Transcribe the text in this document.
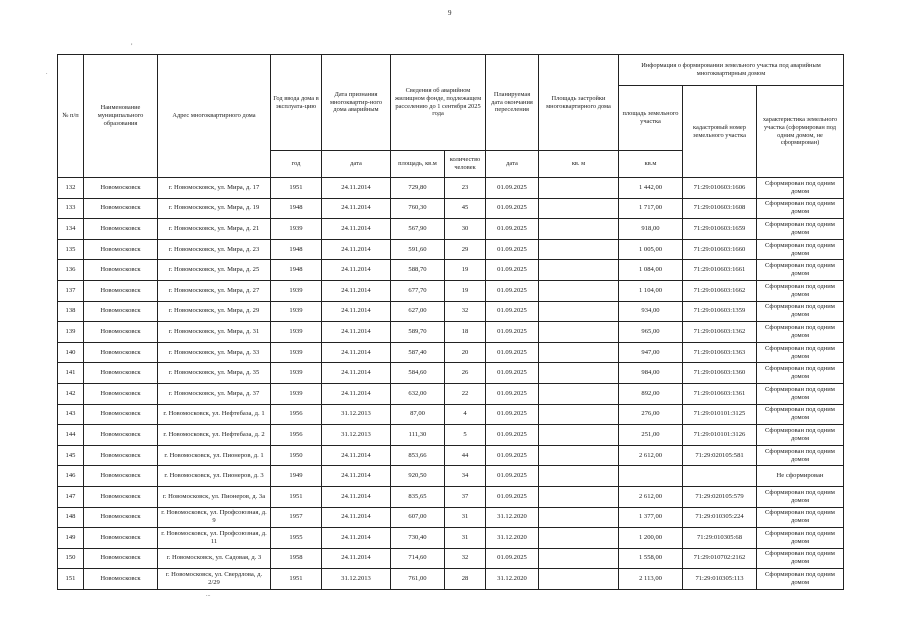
9
,
.
...
№ п/п	Наименование муниципального образования	Адрес многоквартирного дома	Год ввода дома в эксплуата-цию	Дата признания многоквартир-ного дома аварийным	Сведения об аварийном жилищном фонде, подлежащем расселению до 1 сентября 2025 года		Планируемая дата окончания переселения	Площадь застройки многоквартирного дома	Информация о формировании земельного участка под аварийным многоквартирным домом		
									площадь земельного участка	кадастровый номер земельного участка	характеристика земельного участка (сформирован под одним домом, не сформирован)
			год	дата	площадь, кв.м	количество человек	дата	кв. м	кв.м		
132	Новомосковск	г. Новомосковск, ул. Мира, д. 17	1951	24.11.2014	729,80	23	01.09.2025		1 442,00	71:29:010603:1606	Сформирован под одним домом
133	Новомосковск	г. Новомосковск, ул. Мира, д. 19	1948	24.11.2014	760,30	45	01.09.2025		1 717,00	71:29:010603:1608	Сформирован под одним домом
134	Новомосковск	г. Новомосковск, ул. Мира, д. 21	1939	24.11.2014	567,90	30	01.09.2025		918,00	71:29:010603:1659	Сформирован под одним домом
135	Новомосковск	г. Новомосковск, ул. Мира, д. 23	1948	24.11.2014	591,60	29	01.09.2025		1 005,00	71:29:010603:1660	Сформирован под одним домом
136	Новомосковск	г. Новомосковск, ул. Мира, д. 25	1948	24.11.2014	588,70	19	01.09.2025		1 084,00	71:29:010603:1661	Сформирован под одним домом
137	Новомосковск	г. Новомосковск, ул. Мира, д. 27	1939	24.11.2014	677,70	19	01.09.2025		1 104,00	71:29:010603:1662	Сформирован под одним домом
138	Новомосковск	г. Новомосковск, ул. Мира, д. 29	1939	24.11.2014	627,00	32	01.09.2025		934,00	71:29:010603:1359	Сформирован под одним домом
139	Новомосковск	г. Новомосковск, ул. Мира, д. 31	1939	24.11.2014	589,70	18	01.09.2025		965,00	71:29:010603:1362	Сформирован под одним домом
140	Новомосковск	г. Новомосковск, ул. Мира, д. 33	1939	24.11.2014	587,40	20	01.09.2025		947,00	71:29:010603:1363	Сформирован под одним домом
141	Новомосковск	г. Новомосковск, ул. Мира, д. 35	1939	24.11.2014	584,60	26	01.09.2025		984,00	71:29:010603:1360	Сформирован под одним домом
142	Новомосковск	г. Новомосковск, ул. Мира, д. 37	1939	24.11.2014	632,00	22	01.09.2025		892,00	71:29:010603:1361	Сформирован под одним домом
143	Новомосковск	г. Новомосковск, ул. Нефтебаза, д. 1	1956	31.12.2013	87,00	4	01.09.2025		276,00	71:29:010101:3125	Сформирован под одним домом
144	Новомосковск	г. Новомосковск, ул. Нефтебаза, д. 2	1956	31.12.2013	111,30	5	01.09.2025		251,00	71:29:010101:3126	Сформирован под одним домом
145	Новомосковск	г. Новомосковск, ул. Пионеров, д. 1	1950	24.11.2014	853,66	44	01.09.2025		2 612,00	71:29:020105:581	Сформирован под одним домом
146	Новомосковск	г. Новомосковск, ул. Пионеров, д. 3	1949	24.11.2014	920,50	34	01.09.2025				Не сформирован
147	Новомосковск	г. Новомосковск, ул. Пионеров, д. 3а	1951	24.11.2014	835,65	37	01.09.2025		2 612,00	71:29:020105:579	Сформирован под одним домом
148	Новомосковск	г. Новомосковск, ул. Профсоюзная, д. 9	1957	24.11.2014	607,00	31	31.12.2020		1 377,00	71:29:010305:224	Сформирован под одним домом
149	Новомосковск	г. Новомосковск, ул. Профсоюзная, д. 11	1955	24.11.2014	730,40	31	31.12.2020		1 200,00	71:29:010305:68	Сформирован под одним домом
150	Новомосковск	г. Новомосковск, ул. Садовая, д. 3	1958	24.11.2014	714,60	32	01.09.2025		1 558,00	71:29:010702:2162	Сформирован под одним домом
151	Новомосковск	г. Новомосковск, ул. Свердлова, д. 2/29	1951	31.12.2013	761,00	28	31.12.2020		2 113,00	71:29:010305:113	Сформирован под одним домом
